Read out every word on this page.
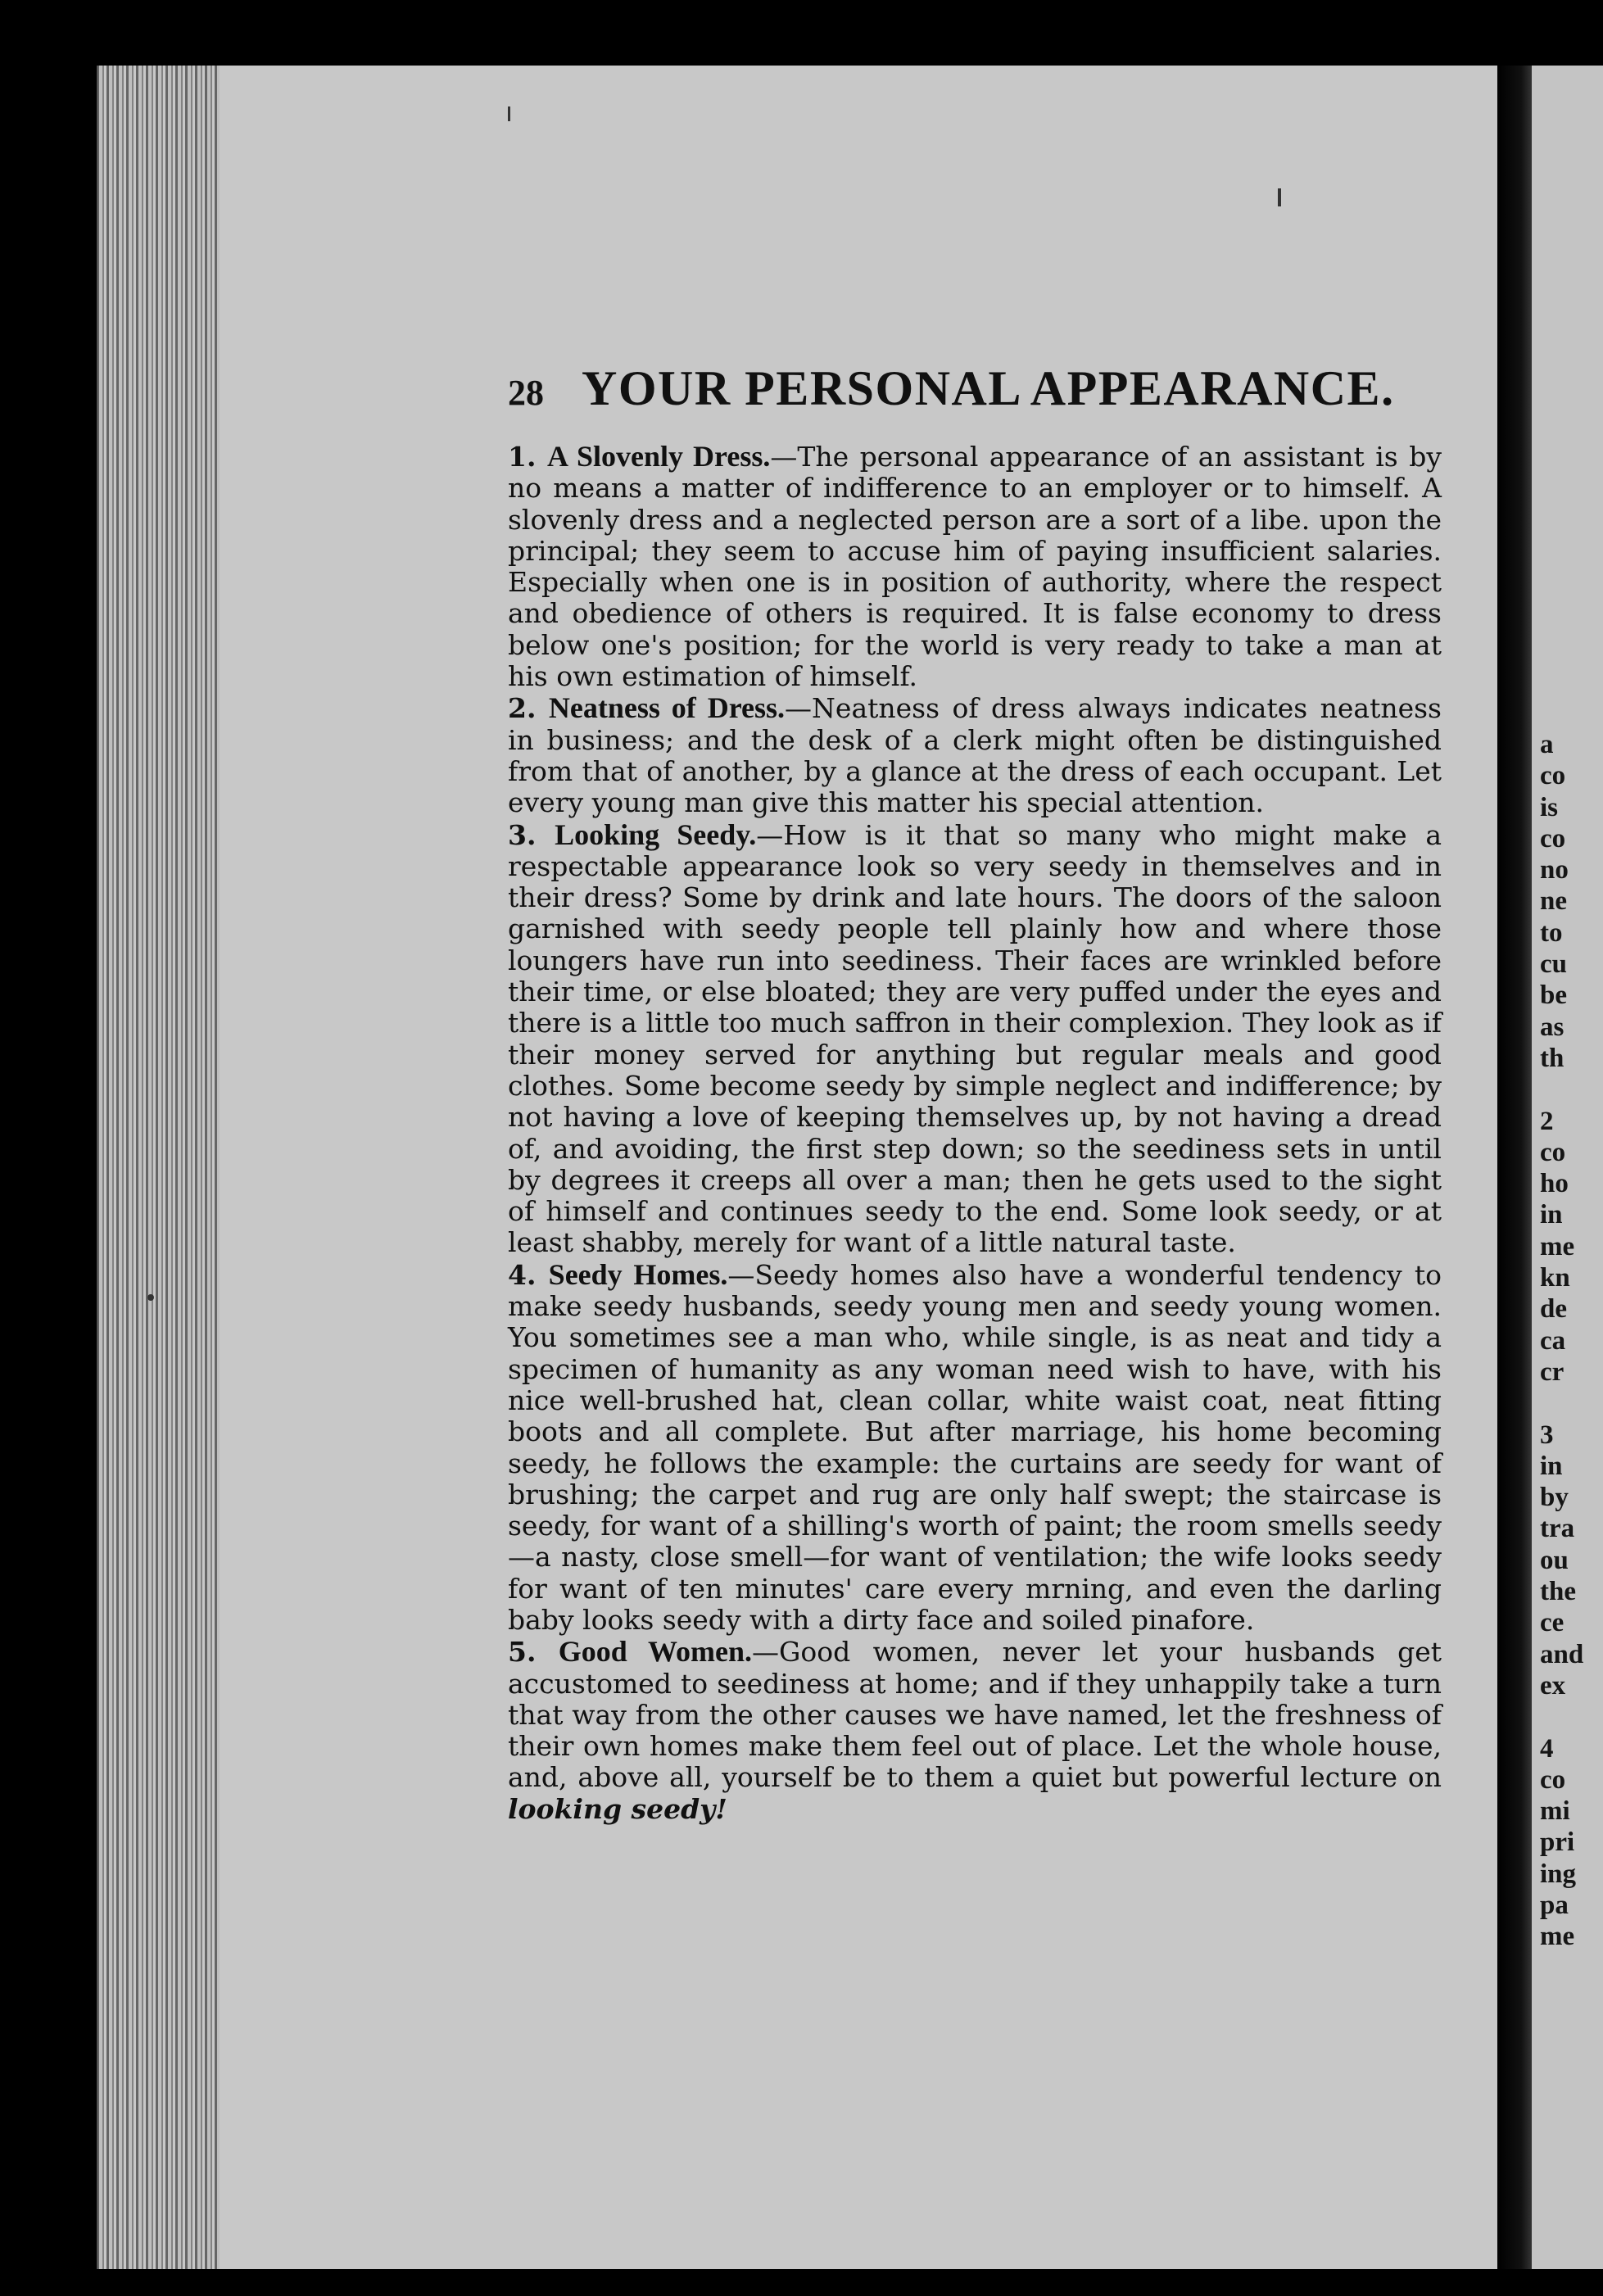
a
co
is
co
no
ne
to
cu
be
as
th

2
co
ho
in
me
kn
de
ca
cr

3
in
by
tra
ou
the
ce
and
ex

4
co
mi
pri
ing
pa
me
28 YOUR PERSONAL APPEARANCE.

1. A Slovenly Dress.—The personal appearance of an assistant is by no means a matter of indifference to an employer or to himself. A slovenly dress and a neglected person are a sort of a libe. upon the principal; they seem to accuse him of paying insufficient salaries. Especially when one is in position of authority, where the respect and obedience of others is required. It is false economy to dress below one's position; for the world is very ready to take a man at his own estimation of himself.

2. Neatness of Dress.—Neatness of dress always indicates neatness in business; and the desk of a clerk might often be distinguished from that of another, by a glance at the dress of each occupant. Let every young man give this matter his special attention.

3. Looking Seedy.—How is it that so many who might make a respectable appearance look so very seedy in themselves and in their dress? Some by drink and late hours. The doors of the saloon garnished with seedy people tell plainly how and where those loungers have run into seediness. Their faces are wrinkled before their time, or else bloated; they are very puffed under the eyes and there is a little too much saffron in their complexion. They look as if their money served for anything but regular meals and good clothes. Some become seedy by simple neglect and indifference; by not having a love of keeping themselves up, by not having a dread of, and avoiding, the first step down; so the seediness sets in until by degrees it creeps all over a man; then he gets used to the sight of himself and continues seedy to the end. Some look seedy, or at least shabby, merely for want of a little natural taste.

4. Seedy Homes.—Seedy homes also have a wonderful tendency to make seedy husbands, seedy young men and seedy young women. You sometimes see a man who, while single, is as neat and tidy a specimen of humanity as any woman need wish to have, with his nice well-brushed hat, clean collar, white waist coat, neat fitting boots and all complete. But after marriage, his home becoming seedy, he follows the example: the curtains are seedy for want of brushing; the carpet and rug are only half swept; the staircase is seedy, for want of a shilling's worth of paint; the room smells seedy—a nasty, close smell—for want of ventilation; the wife looks seedy for want of ten minutes' care every mrning, and even the darling baby looks seedy with a dirty face and soiled pinafore.

5. Good Women.—Good women, never let your husbands get accustomed to seediness at home; and if they unhappily take a turn that way from the other causes we have named, let the freshness of their own homes make them feel out of place. Let the whole house, and, above all, yourself be to them a quiet but powerful lecture on looking seedy!
